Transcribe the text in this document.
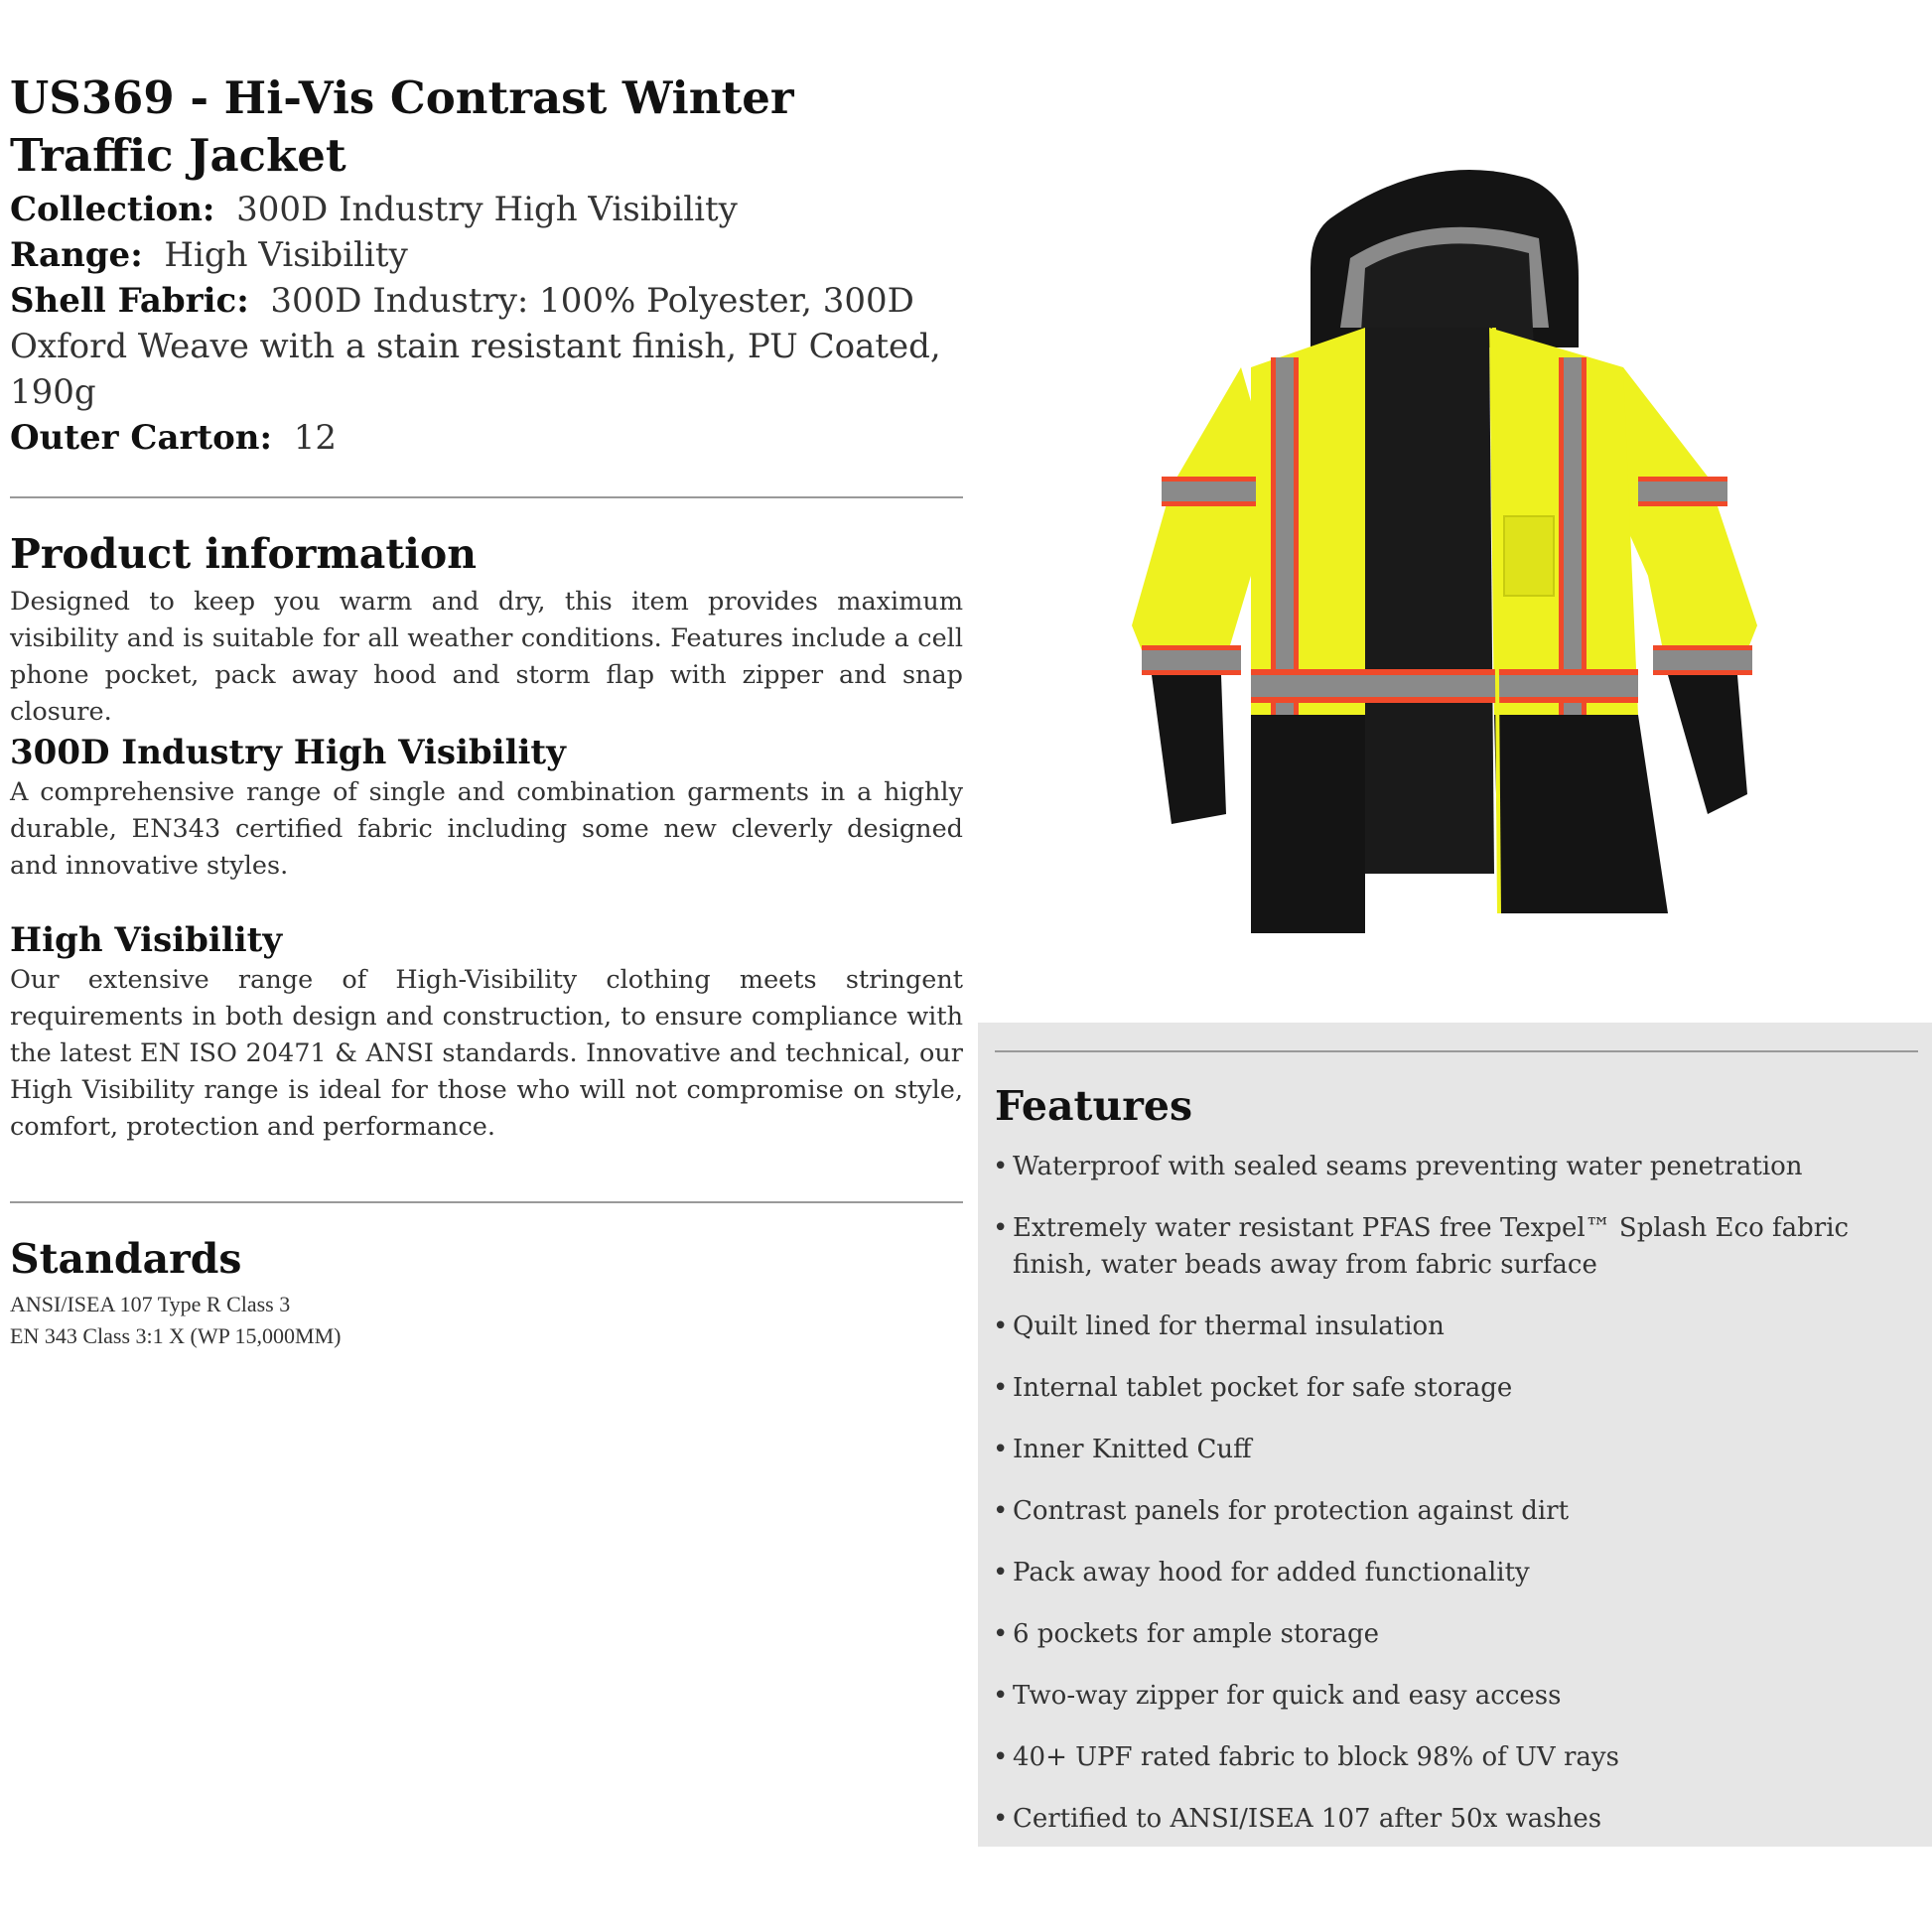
US369 - Hi-Vis Contrast Winter Traffic Jacket
Collection: 300D Industry High Visibility
Range: High Visibility
Shell Fabric: 300D Industry: 100% Polyester, 300D Oxford Weave with a stain resistant finish, PU Coated, 190g
Outer Carton: 12
Product information

Designed to keep you warm and dry, this item provides maximum visibility and is suitable for all weather conditions. Features include a cell phone pocket, pack away hood and storm flap with zipper and snap closure.

300D Industry High Visibility

A comprehensive range of single and combination garments in a highly durable, EN343 certified fabric including some new cleverly designed and innovative styles.

High Visibility

Our extensive range of High-Visibility clothing meets stringent requirements in both design and construction, to ensure compliance with the latest EN ISO 20471 & ANSI standards. Innovative and technical, our High Visibility range is ideal for those who will not compromise on style, comfort, protection and performance.

Standards
ANSI/ISEA 107 Type R Class 3
EN 343 Class 3:1 X (WP 15,000MM)
Features
• Waterproof with sealed seams preventing water penetration
• Extremely water resistant PFAS free Texpel™ Splash Eco fabric finish, water beads away from fabric surface
• Quilt lined for thermal insulation
• Internal tablet pocket for safe storage
• Inner Knitted Cuff
• Contrast panels for protection against dirt
• Pack away hood for added functionality
• 6 pockets for ample storage
• Two-way zipper for quick and easy access
• 40+ UPF rated fabric to block 98% of UV rays
• Certified to ANSI/ISEA 107 after 50x washes
